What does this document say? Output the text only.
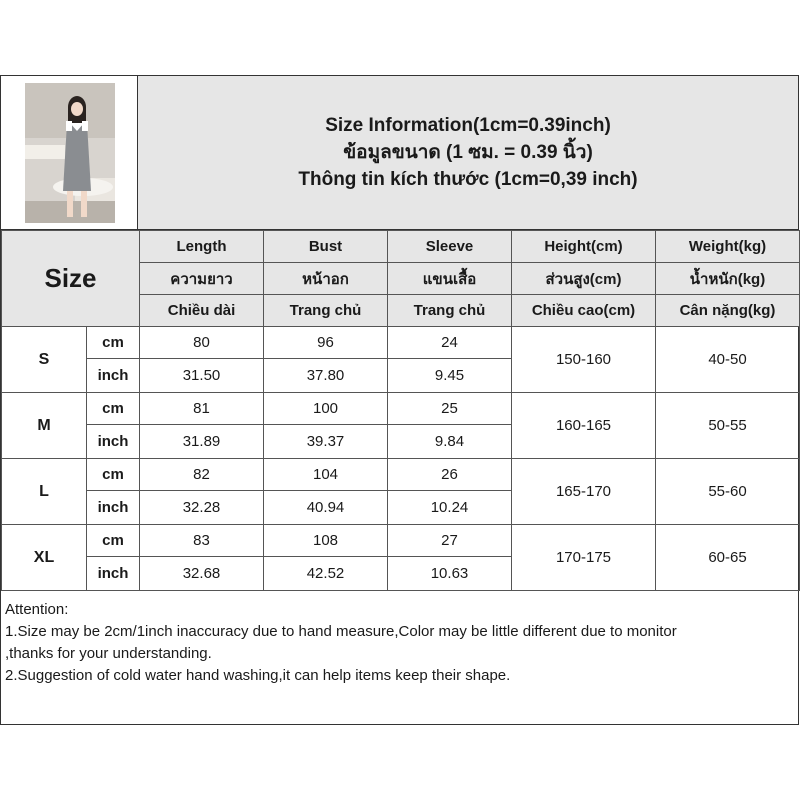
Size Information(1cm=0.39inch)
ข้อมูลขนาด (1 ซม. = 0.39 นิ้ว)
Thông tin kích thước (1cm=0,39 inch)
Size		Length	Bust	Sleeve	Height(cm)	Weight(kg)
		ความยาว	หน้าอก	แขนเสื้อ	ส่วนสูง(cm)	น้ำหนัก(kg)
		Chiều dài	Trang chủ	Trang chủ	Chiều cao(cm)	Cân nặng(kg)
S	cm	80	96	24	150-160	40-50
	inch	31.50	37.80	9.45		
M	cm	81	100	25	160-165	50-55
	inch	31.89	39.37	9.84		
L	cm	82	104	26	165-170	55-60
	inch	32.28	40.94	10.24		
XL	cm	83	108	27	170-175	60-65
	inch	32.68	42.52	10.63		
Attention:
1.Size may be 2cm/1inch inaccuracy due to hand measure,Color may be little different due to monitor
,thanks for your understanding.
2.Suggestion of cold water hand washing,it can help items keep their shape.
